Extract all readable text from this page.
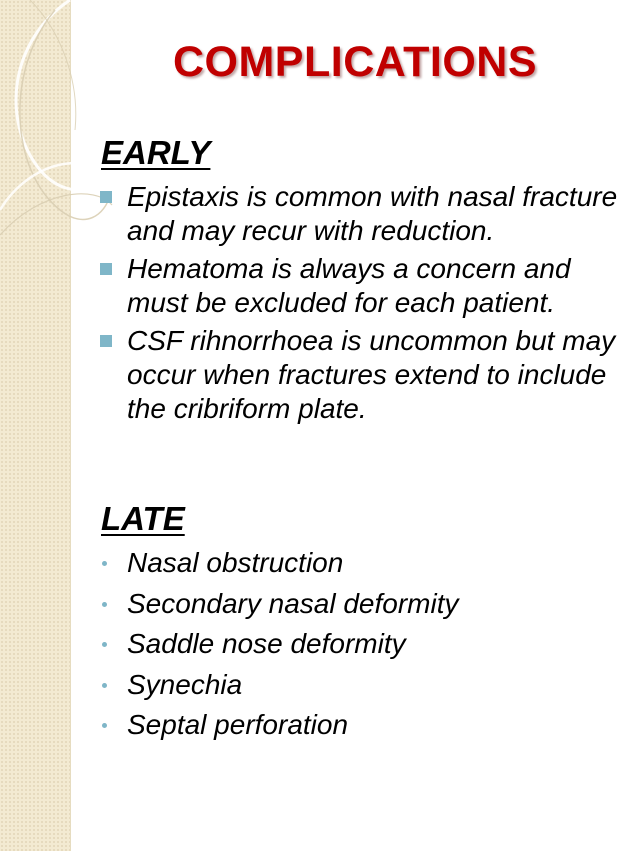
COMPLICATIONS
EARLY
Epistaxis is common with nasal fracture and may recur with reduction.
Hematoma is always a concern and must be excluded for each patient.
CSF rihnorrhoea is uncommon but may occur when fractures extend to include the cribriform plate.
LATE
Nasal obstruction
Secondary nasal deformity
Saddle nose deformity
Synechia
Septal perforation
